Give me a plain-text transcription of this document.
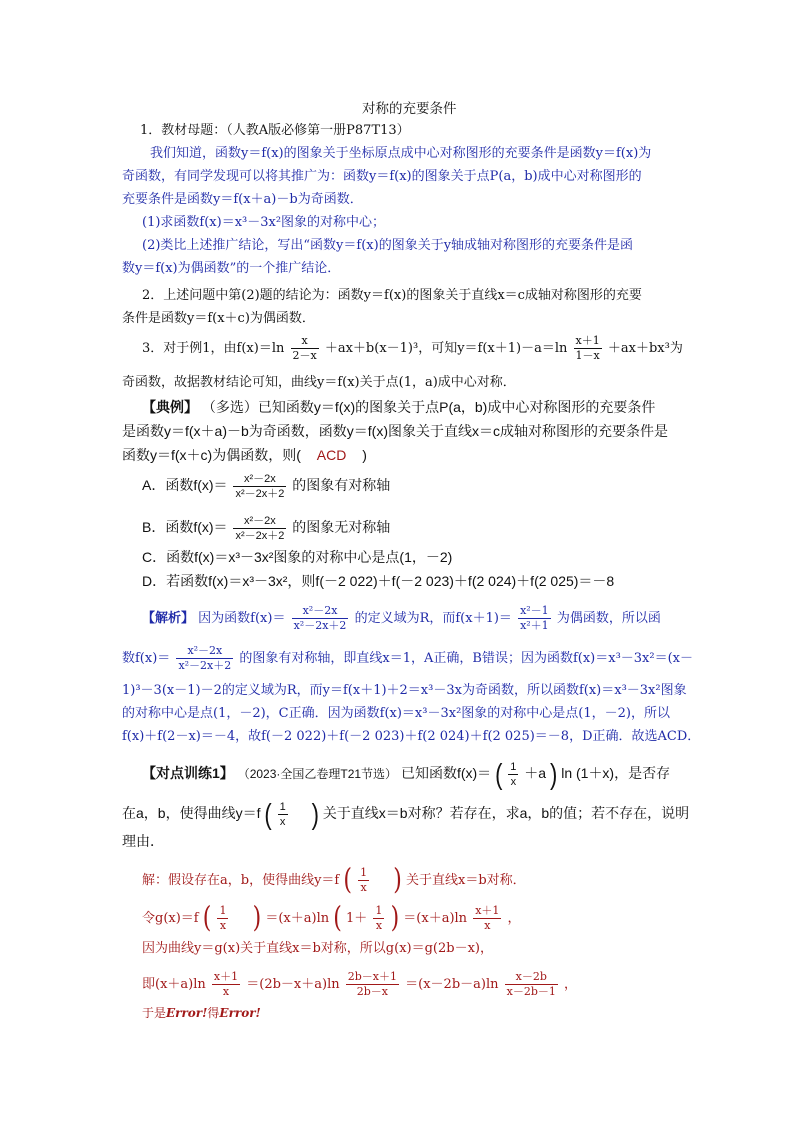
对称的充要条件
1．教材母题：（人教A版必修第一册P87T13）
我们知道，函数y＝f(x)的图象关于坐标原点成中心对称图形的充要条件是函数y＝f(x)为
奇函数，有同学发现可以将其推广为：函数y＝f(x)的图象关于点P(a，b)成中心对称图形的
充要条件是函数y＝f(x＋a)－b为奇函数．
(1)求函数f(x)＝x³－3x²图象的对称中心；
(2)类比上述推广结论，写出“函数y＝f(x)的图象关于y轴成轴对称图形的充要条件是函
数y＝f(x)为偶函数”的一个推广结论．
2．上述问题中第(2)题的结论为：函数y＝f(x)的图象关于直线x＝c成轴对称图形的充要
条件是函数y＝f(x＋c)为偶函数．
3．对于例1，由$f(x)=\ln \frac{x}{2-x} +ax+b(x-1)^3$，可知$y=f(x+1)-a=\ln \frac{x+1}{1-x} +ax+bx^3$为
奇函数，故据教材结论可知，曲线y＝f(x)关于点(1，a)成中心对称．
【典例】 （多选）已知函数y＝f(x)的图象关于点P(a，b)成中心对称图形的充要条件
是函数y＝f(x＋a)－b为奇函数，函数y＝f(x)图象关于直线x＝c成轴对称图形的充要条件是
函数y＝f(x＋c)为偶函数，则( ACD )
A．函数$f(x)= \frac{\text{x²－2x}}{\text{x²－2x＋2}}$ 的图象有对称轴
B．函数$f(x)= \frac{\text{x²－2x}}{\text{x²－2x＋2}}$ 的图象无对称轴
C．函数f(x)＝x³－3x²图象的对称中心是点(1，－2)
D．若函数f(x)＝x³－3x²，则f(－2 022)＋f(－2 023)＋f(2 024)＋f(2 025)＝－8
【解析】 因为函数$f(x)= \frac{\text{x²－2x}}{\text{x²－2x＋2}}$ 的定义域为R，而$f(x+1)= \frac{\text{x²－1}}{\text{x²＋1}}$ 为偶函数，所以函
数$f(x)= \frac{\text{x²－2x}}{\text{x²－2x＋2}}$ 的图象有对称轴，即直线x＝1，A正确，B错误；因为函数f(x)＝x³－3x²＝(x－
1)³－3(x－1)－2的定义域为R，而y＝f(x＋1)＋2＝x³－3x为奇函数，所以函数f(x)＝x³－3x²图象
的对称中心是点(1，－2)，C正确．因为函数f(x)＝x³－3x²图象的对称中心是点(1，－2)，所以
f(x)＋f(2－x)＝－4，故f(－2 022)＋f(－2 023)＋f(2 024)＋f(2 025)＝－8，D正确．故选ACD．
【对点训练1】 （2023·全国乙卷理T21节选） 已知函数f(x)＝ ( $\frac{1}{x} +a$ ) ln (1＋x)，是否存
在a，b，使得曲线y＝f ( $\frac{1}{x}$ ) 关于直线x＝b对称？若存在，求a，b的值；若不存在，说明
理由．
解：假设存在a，b，使得曲线y＝f ( $\frac{1}{x}$ ) 关于直线x＝b对称．
令g(x)＝f ( $\frac{1}{x}$ ) ＝(x＋a)ln ( $1+ \frac{1}{x}$ ) $=(x+a)\ln \frac{x+1}{x}$ ，
因为曲线y＝g(x)关于直线x＝b对称，所以g(x)＝g(2b－x)，
即$(x+a)\ln \frac{x+1}{x} =(2b-x+a)\ln \frac{2b-x+1}{2b-x} =(x-2b-a)\ln \frac{x-2b}{x-2b-1}$ ，
于是Error!得Error!
